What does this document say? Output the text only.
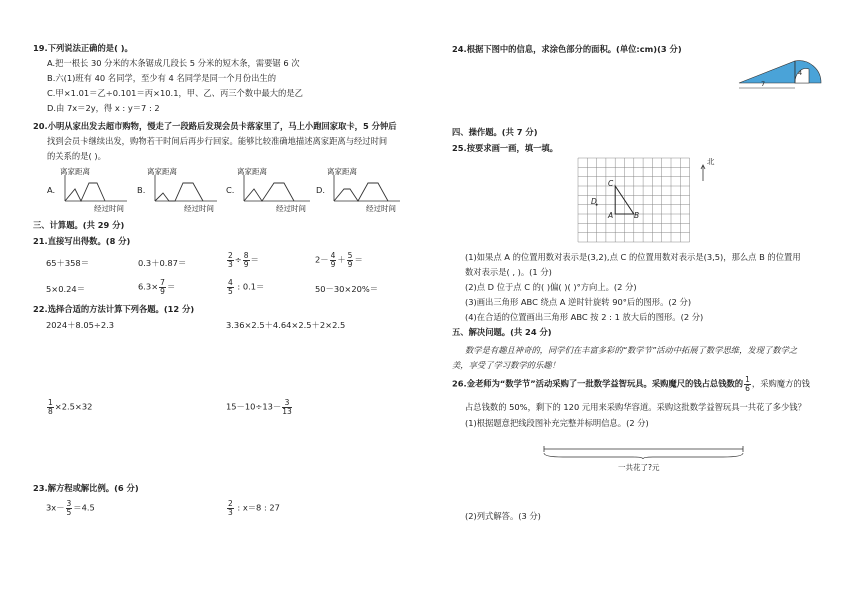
19.下列说法正确的是( )。
A.把一根长 30 分米的木条锯成几段长 5 分米的短木条，需要锯 6 次
B.六(1)班有 40 名同学，至少有 4 名同学是同一个月份出生的
C.甲×1.01＝乙÷0.101＝丙×10.1，甲、乙、丙三个数中最大的是乙
D.由 7x＝2y，得 x : y＝7 : 2
20.小明从家出发去超市购物，慢走了一段路后发现会员卡落家里了，马上小跑回家取卡，5 分钟后
找到会员卡继续出发，购物若干时间后再步行回家。能够比较准确地描述离家距离与经过时间
的关系的是( )。
A.
离家距离
经过时间
B.
离家距离
经过时间
C.
离家距离
经过时间
D.
离家距离
经过时间
三、计算题。(共 29 分)
21.直接写出得数。(8 分)
65＋358＝	0.3＋0.87＝	$\frac{2}{3} \div \frac{8}{9}$ ＝	$2- \frac{4}{9} + \frac{5}{9}$ ＝
5×0.24＝	$6.3\times \frac{7}{9}$ ＝	$\frac{4}{5}$ : 0.1＝	50－30×20%＝
22.选择合适的方法计算下列各题。(12 分)
2024＋8.05÷2.3	3.36×2.5＋4.64×2.5＋2×2.5
$\frac{1}{8} \times 2.5\times 32$	$15-10\div 13- \frac{3}{13}$
23.解方程或解比例。(6 分)
$3x- \frac{3}{5} =4.5$	$\frac{2}{3}$ : x＝8 : 27
24.根据下图中的信息，求涂色部分的面积。(单位:cm)(3 分)
7
4
四、操作题。(共 7 分)
25.按要求画一画，填一填。
C
D
A	B
北
(1)如果点 A 的位置用数对表示是(3,2),点 C 的位置用数对表示是(3,5)，那么点 B 的位置用
数对表示是( , )。(1 分)
(2)点 D 位于点 C 的( )偏( )( )°方向上。(2 分)
(3)画出三角形 ABC 绕点 A 逆时针旋转 90°后的图形。(2 分)
(4)在合适的位置画出三角形 ABC 按 2 : 1 放大后的图形。(2 分)
五、解决问题。(共 24 分)
数学是有趣且神奇的，同学们在丰富多彩的“数学节”活动中拓展了数学思维，发现了数学之
美，享受了学习数学的乐趣！
26.金老师为“数学节”活动采购了一批数学益智玩具。采购魔尺的钱占总钱数的 $\frac{1}{6}$ ，采购魔方的钱
占总钱数的 50%，剩下的 120 元用来采购华容道。采购这批数学益智玩具一共花了多少钱？
(1)根据题意把线段图补充完整并标明信息。(2 分)
一共花了?元
(2)列式解答。(3 分)
